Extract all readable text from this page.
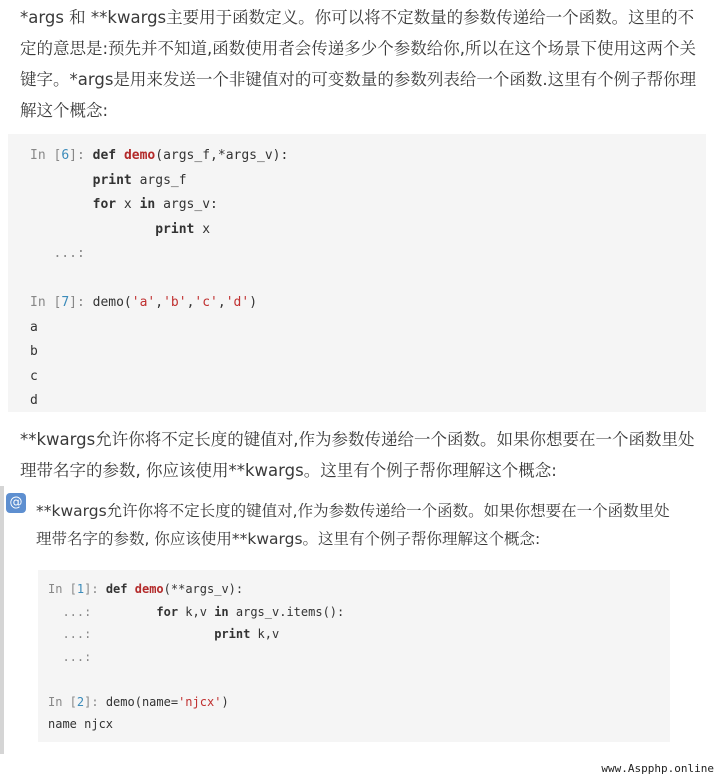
*args 和 **kwargs主要用于函数定义。你可以将不定数量的参数传递给一个函数。这里的不定的意思是:预先并不知道,函数使用者会传递多少个参数给你,所以在这个场景下使用这两个关键字。*args是用来发送一个非键值对的可变数量的参数列表给一个函数.这里有个例子帮你理解这个概念:

In [6]: def demo(args_f,*args_v):
print args_f
for x in args_v:
print x
...:

In [7]: demo('a','b','c','d')
a
b
c
d

**kwargs允许你将不定长度的键值对,作为参数传递给一个函数。如果你想要在一个函数里处理带名字的参数, 你应该使用**kwargs。这里有个例子帮你理解这个概念:

@ **kwargs允许你将不定长度的键值对,作为参数传递给一个函数。如果你想要在一个函数里处理带名字的参数, 你应该使用**kwargs。这里有个例子帮你理解这个概念:
In [1]: def demo(**args_v):
...:	for k,v in args_v.items():
...:	print k,v
...:

In [2]: demo(name='njcx')
name njcx
www.Aspphp.online
